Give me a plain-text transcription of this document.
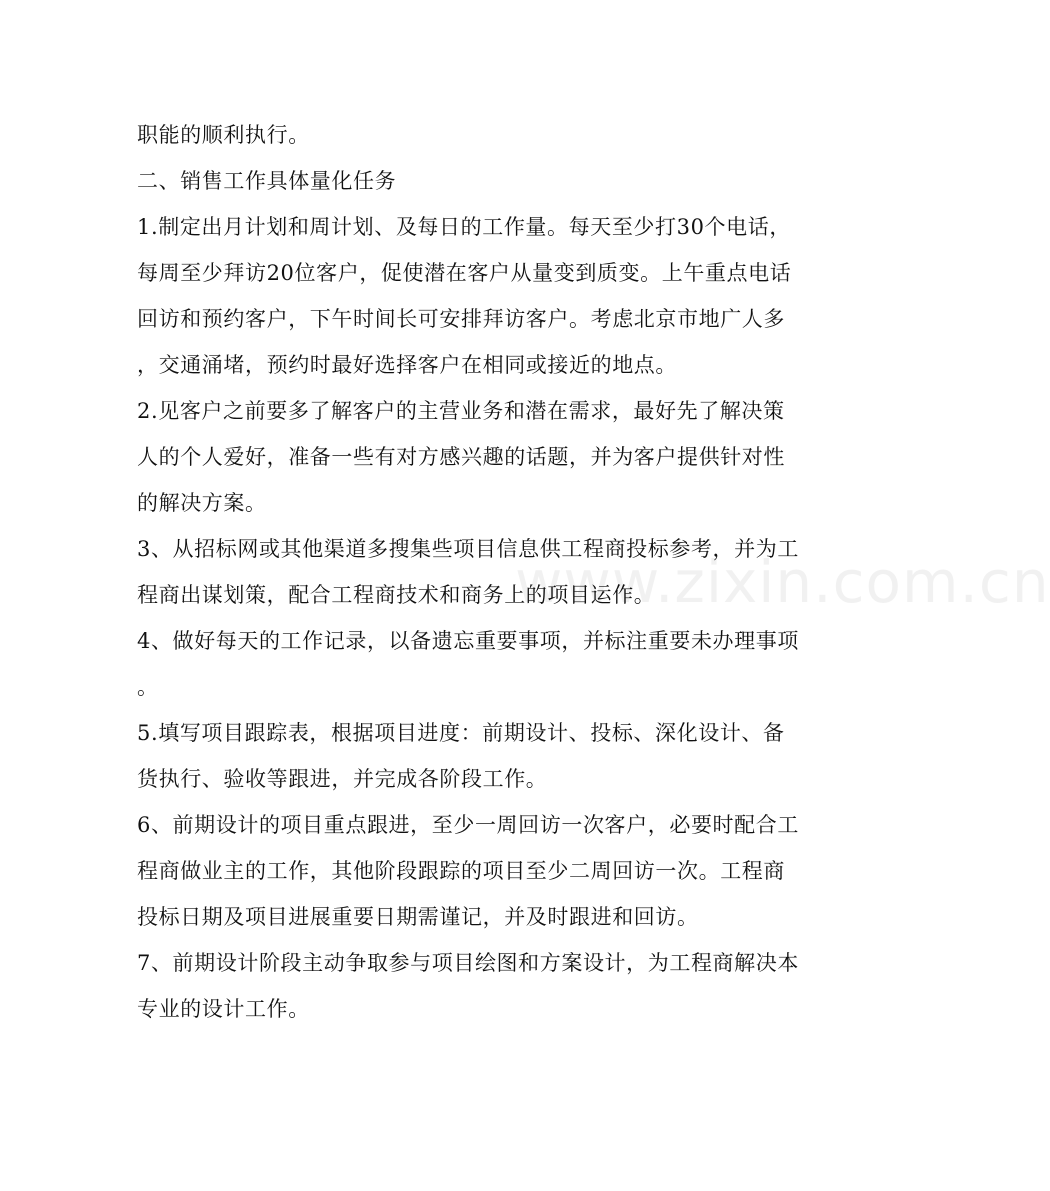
www.zixin.com.cn
职能的顺利执行。
二、销售工作具体量化任务
1.制定出月计划和周计划、及每日的工作量。每天至少打30个电话，
每周至少拜访20位客户，促使潜在客户从量变到质变。上午重点电话
回访和预约客户，下午时间长可安排拜访客户。考虑北京市地广人多
，交通涌堵，预约时最好选择客户在相同或接近的地点。
2.见客户之前要多了解客户的主营业务和潜在需求，最好先了解决策
人的个人爱好，准备一些有对方感兴趣的话题，并为客户提供针对性
的解决方案。
3、从招标网或其他渠道多搜集些项目信息供工程商投标参考，并为工
程商出谋划策，配合工程商技术和商务上的项目运作。
4、做好每天的工作记录，以备遗忘重要事项，并标注重要未办理事项
。
5.填写项目跟踪表，根据项目进度：前期设计、投标、深化设计、备
货执行、验收等跟进，并完成各阶段工作。
6、前期设计的项目重点跟进，至少一周回访一次客户，必要时配合工
程商做业主的工作，其他阶段跟踪的项目至少二周回访一次。工程商
投标日期及项目进展重要日期需谨记，并及时跟进和回访。
7、前期设计阶段主动争取参与项目绘图和方案设计，为工程商解决本
专业的设计工作。
